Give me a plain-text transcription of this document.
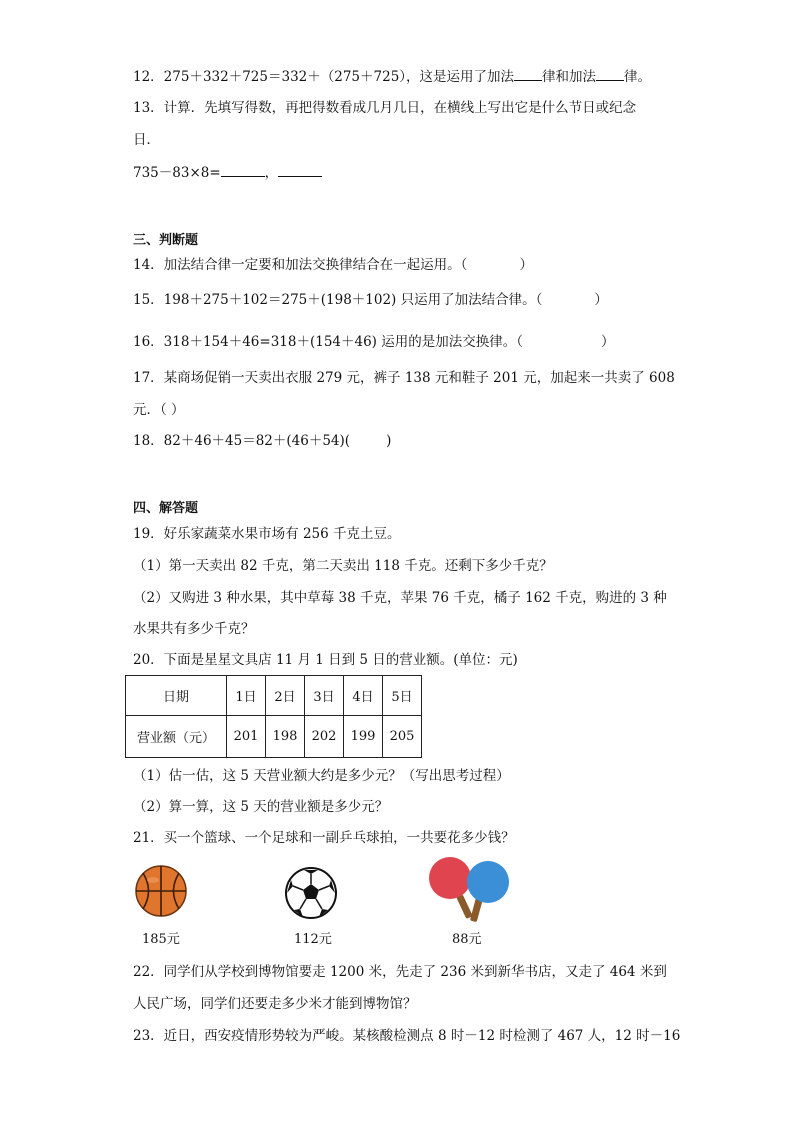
12．275＋332＋725＝332＋（275＋725），这是运用了加法 律和加法 律。
13．计算．先填写得数，再把得数看成几月几日，在横线上写出它是什么节日或纪念
日．
735－83×8=	，
三、判断题
14．加法结合律一定要和加法交换律结合在一起运用。（	）
15．198＋275＋102＝275＋(198＋102) 只运用了加法结合律。（	）
16．318＋154＋46=318＋(154＋46) 运用的是加法交换律。（	）
17．某商场促销一天卖出衣服 279 元，裤子 138 元和鞋子 201 元，加起来一共卖了 608
元．（ ）
18．82＋46＋45＝82＋(46＋54)(	)
四、解答题
19．好乐家蔬菜水果市场有 256 千克土豆。
（1）第一天卖出 82 千克，第二天卖出 118 千克。还剩下多少千克？
（2）又购进 3 种水果，其中草莓 38 千克，苹果 76 千克，橘子 162 千克，购进的 3 种
水果共有多少千克？
20．下面是星星文具店 11 月 1 日到 5 日的营业额。(单位：元)
日期	1日	2日	3日	4日	5日
营业额（元）	201	198	202	199	205
（1）估一估，这 5 天营业额大约是多少元？（写出思考过程）
（2）算一算，这 5 天的营业额是多少元？
21．买一个篮球、一个足球和一副乒乓球拍，一共要花多少钱？
185元	112元	88元
22．同学们从学校到博物馆要走 1200 米，先走了 236 米到新华书店，又走了 464 米到
人民广场，同学们还要走多少米才能到博物馆？
23．近日，西安疫情形势较为严峻。某核酸检测点 8 时－12 时检测了 467 人，12 时－16
